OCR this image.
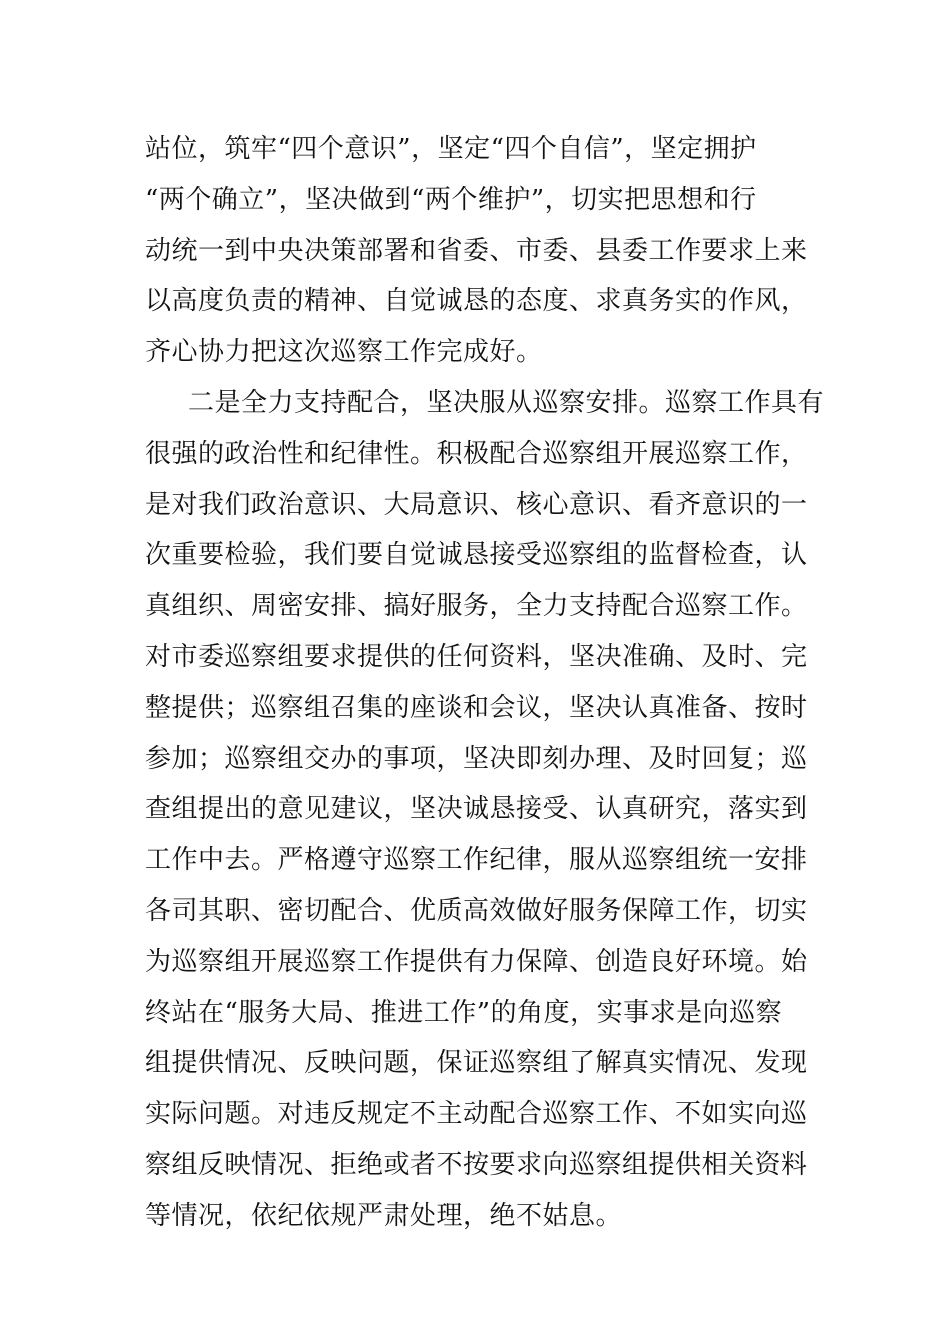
站位，筑牢“四个意识”，坚定“四个自信”，坚定拥护
“两个确立”，坚决做到“两个维护”，切实把思想和行
动统一到中央决策部署和省委、市委、县委工作要求上来
以高度负责的精神、自觉诚恳的态度、求真务实的作风，
齐心协力把这次巡察工作完成好。
二是全力支持配合，坚决服从巡察安排。巡察工作具有
很强的政治性和纪律性。积极配合巡察组开展巡察工作，
是对我们政治意识、大局意识、核心意识、看齐意识的一
次重要检验，我们要自觉诚恳接受巡察组的监督检查，认
真组织、周密安排、搞好服务，全力支持配合巡察工作。
对市委巡察组要求提供的任何资料，坚决准确、及时、完
整提供；巡察组召集的座谈和会议，坚决认真准备、按时
参加；巡察组交办的事项，坚决即刻办理、及时回复；巡
查组提出的意见建议，坚决诚恳接受、认真研究，落实到
工作中去。严格遵守巡察工作纪律，服从巡察组统一安排
各司其职、密切配合、优质高效做好服务保障工作，切实
为巡察组开展巡察工作提供有力保障、创造良好环境。始
终站在“服务大局、推进工作”的角度，实事求是向巡察
组提供情况、反映问题，保证巡察组了解真实情况、发现
实际问题。对违反规定不主动配合巡察工作、不如实向巡
察组反映情况、拒绝或者不按要求向巡察组提供相关资料
等情况，依纪依规严肃处理，绝不姑息。
